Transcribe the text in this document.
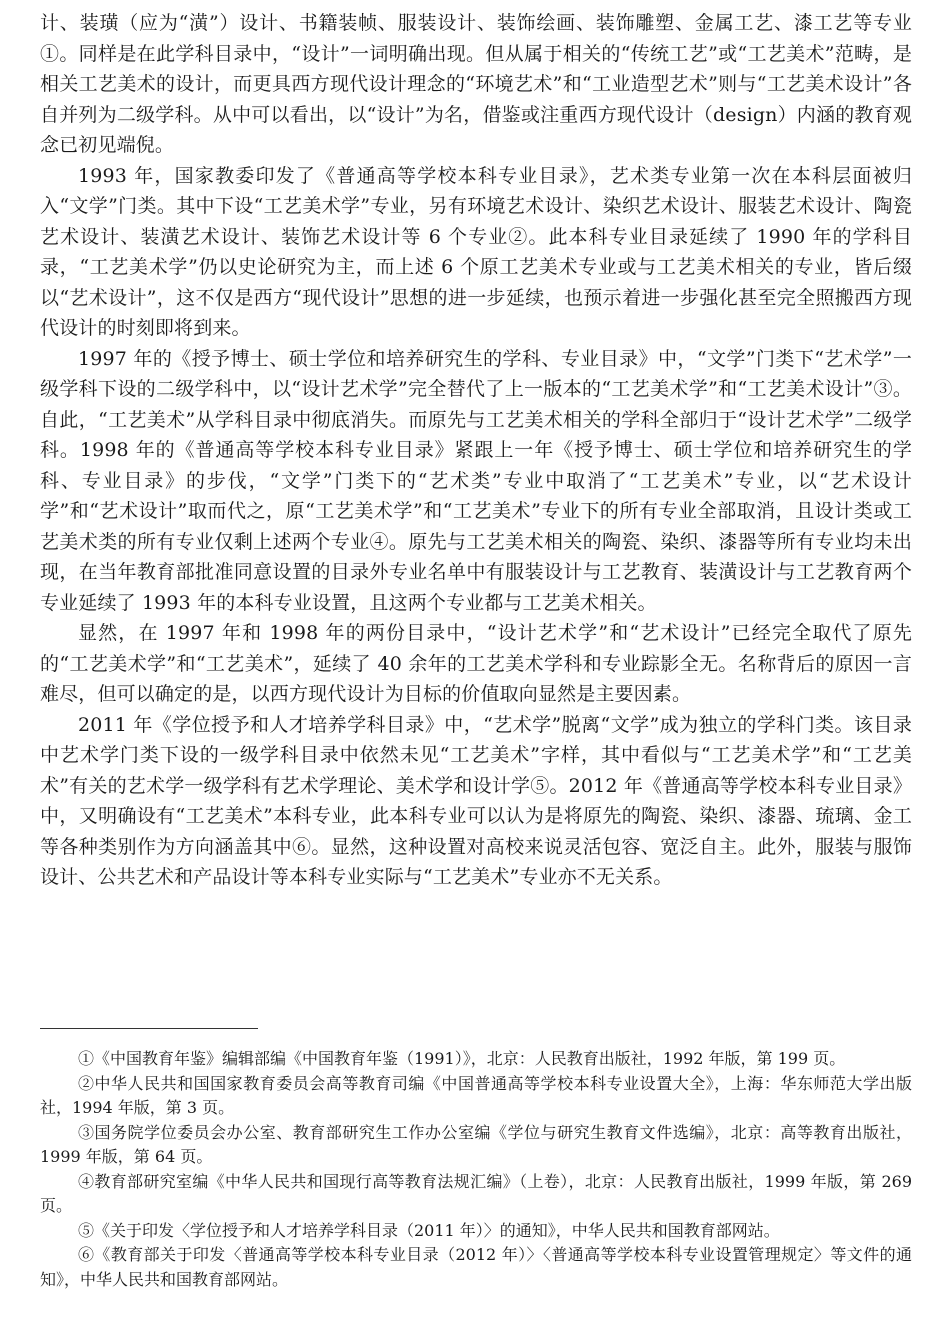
计、装璜（应为“潢”）设计、书籍装帧、服装设计、装饰绘画、装饰雕塑、金属工艺、漆工艺等专业①。同样是在此学科目录中，“设计”一词明确出现。但从属于相关的“传统工艺”或“工艺美术”范畴，是相关工艺美术的设计，而更具西方现代设计理念的“环境艺术”和“工业造型艺术”则与“工艺美术设计”各自并列为二级学科。从中可以看出，以“设计”为名，借鉴或注重西方现代设计（design）内涵的教育观念已初见端倪。

1993 年，国家教委印发了《普通高等学校本科专业目录》，艺术类专业第一次在本科层面被归入“文学”门类。其中下设“工艺美术学”专业，另有环境艺术设计、染织艺术设计、服装艺术设计、陶瓷艺术设计、装潢艺术设计、装饰艺术设计等 6 个专业②。此本科专业目录延续了 1990 年的学科目录，“工艺美术学”仍以史论研究为主，而上述 6 个原工艺美术专业或与工艺美术相关的专业，皆后缀以“艺术设计”，这不仅是西方“现代设计”思想的进一步延续，也预示着进一步强化甚至完全照搬西方现代设计的时刻即将到来。

1997 年的《授予博士、硕士学位和培养研究生的学科、专业目录》中，“文学”门类下“艺术学”一级学科下设的二级学科中，以“设计艺术学”完全替代了上一版本的“工艺美术学”和“工艺美术设计”③。自此，“工艺美术”从学科目录中彻底消失。而原先与工艺美术相关的学科全部归于“设计艺术学”二级学科。1998 年的《普通高等学校本科专业目录》紧跟上一年《授予博士、硕士学位和培养研究生的学科、专业目录》的步伐，“文学”门类下的“艺术类”专业中取消了“工艺美术”专业，以“艺术设计学”和“艺术设计”取而代之，原“工艺美术学”和“工艺美术”专业下的所有专业全部取消，且设计类或工艺美术类的所有专业仅剩上述两个专业④。原先与工艺美术相关的陶瓷、染织、漆器等所有专业均未出现，在当年教育部批准同意设置的目录外专业名单中有服装设计与工艺教育、装潢设计与工艺教育两个专业延续了 1993 年的本科专业设置，且这两个专业都与工艺美术相关。

显然，在 1997 年和 1998 年的两份目录中，“设计艺术学”和“艺术设计”已经完全取代了原先的“工艺美术学”和“工艺美术”，延续了 40 余年的工艺美术学科和专业踪影全无。名称背后的原因一言难尽，但可以确定的是，以西方现代设计为目标的价值取向显然是主要因素。

2011 年《学位授予和人才培养学科目录》中，“艺术学”脱离“文学”成为独立的学科门类。该目录中艺术学门类下设的一级学科目录中依然未见“工艺美术”字样，其中看似与“工艺美术学”和“工艺美术”有关的艺术学一级学科有艺术学理论、美术学和设计学⑤。2012 年《普通高等学校本科专业目录》中，又明确设有“工艺美术”本科专业，此本科专业可以认为是将原先的陶瓷、染织、漆器、琉璃、金工等各种类别作为方向涵盖其中⑥。显然，这种设置对高校来说灵活包容、宽泛自主。此外，服装与服饰设计、公共艺术和产品设计等本科专业实际与“工艺美术”专业亦不无关系。

①《中国教育年鉴》编辑部编《中国教育年鉴（1991）》，北京：人民教育出版社，1992 年版，第 199 页。

②中华人民共和国国家教育委员会高等教育司编《中国普通高等学校本科专业设置大全》，上海：华东师范大学出版社，1994 年版，第 3 页。

③国务院学位委员会办公室、教育部研究生工作办公室编《学位与研究生教育文件选编》，北京：高等教育出版社，1999 年版，第 64 页。

④教育部研究室编《中华人民共和国现行高等教育法规汇编》（上卷），北京：人民教育出版社，1999 年版，第 269 页。

⑤《关于印发〈学位授予和人才培养学科目录（2011 年）〉的通知》，中华人民共和国教育部网站。

⑥《教育部关于印发〈普通高等学校本科专业目录（2012 年）〉〈普通高等学校本科专业设置管理规定〉等文件的通知》，中华人民共和国教育部网站。
